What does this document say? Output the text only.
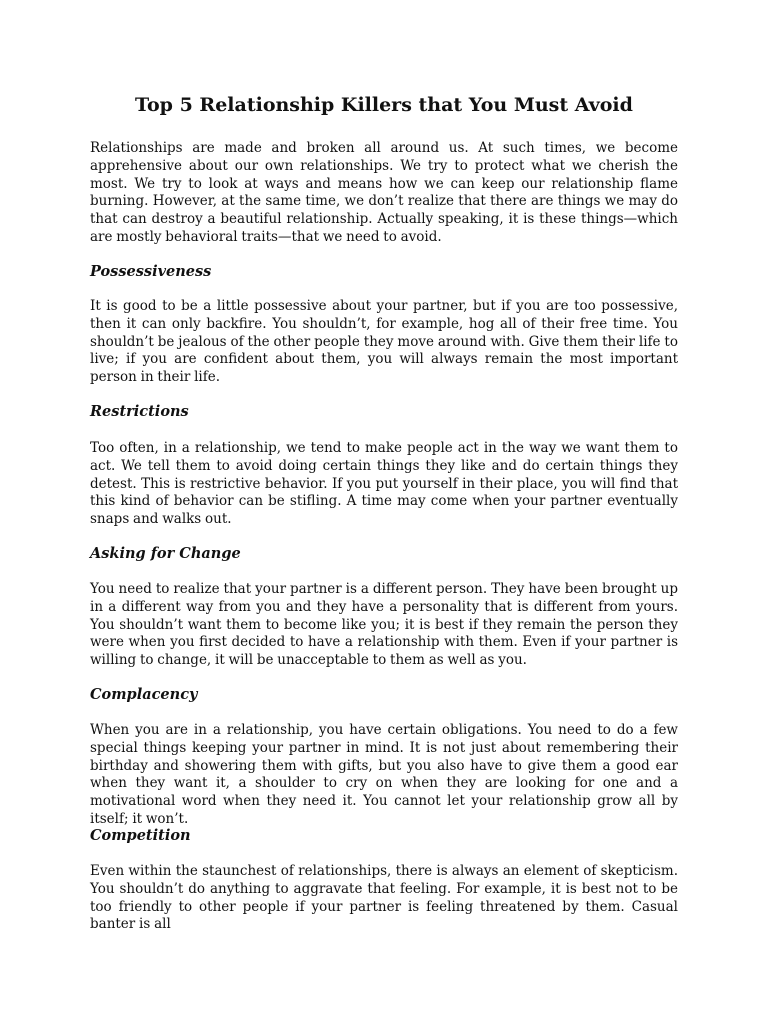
Top 5 Relationship Killers that You Must Avoid

Relationships are made and broken all around us. At such times, we become apprehensive about our own relationships. We try to protect what we cherish the most. We try to look at ways and means how we can keep our relationship flame burning. However, at the same time, we don’t realize that there are things we may do that can destroy a beautiful relationship. Actually speaking, it is these things—which are mostly behavioral traits—that we need to avoid.

Possessiveness

It is good to be a little possessive about your partner, but if you are too possessive, then it can only backfire. You shouldn’t, for example, hog all of their free time. You shouldn’t be jealous of the other people they move around with. Give them their life to live; if you are confident about them, you will always remain the most important person in their life.

Restrictions

Too often, in a relationship, we tend to make people act in the way we want them to act. We tell them to avoid doing certain things they like and do certain things they detest. This is restrictive behavior. If you put yourself in their place, you will find that this kind of behavior can be stifling. A time may come when your partner eventually snaps and walks out.

Asking for Change

You need to realize that your partner is a different person. They have been brought up in a different way from you and they have a personality that is different from yours. You shouldn’t want them to become like you; it is best if they remain the person they were when you first decided to have a relationship with them. Even if your partner is willing to change, it will be unacceptable to them as well as you.

Complacency

When you are in a relationship, you have certain obligations. You need to do a few special things keeping your partner in mind. It is not just about remembering their birthday and showering them with gifts, but you also have to give them a good ear when they want it, a shoulder to cry on when they are looking for one and a motivational word when they need it. You cannot let your relationship grow all by itself; it won’t.

Competition

Even within the staunchest of relationships, there is always an element of skepticism. You shouldn’t do anything to aggravate that feeling. For example, it is best not to be too friendly to other people if your partner is feeling threatened by them. Casual banter is all
